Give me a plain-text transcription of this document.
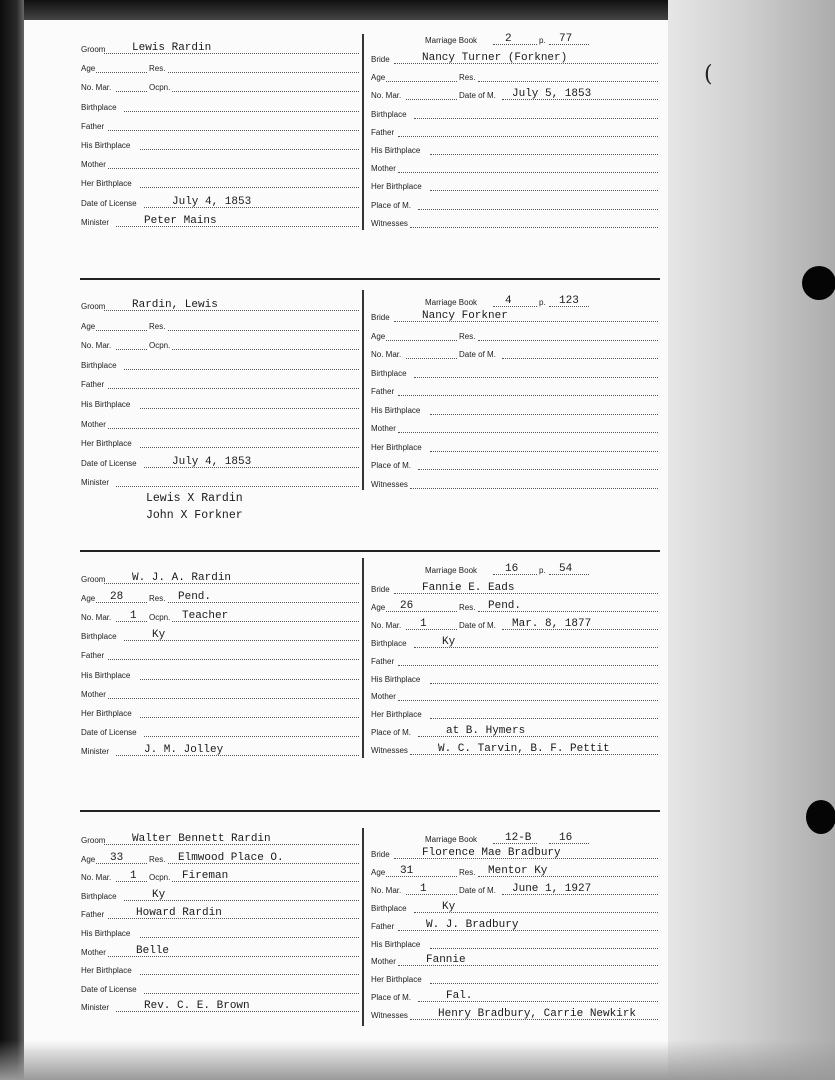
(
Marriage Book	2	p. 77
Groom Lewis Rardin
Age	Res.
No. Mar.	Ocpn.
Birthplace
Father
His Birthplace
Mother
Her Birthplace
Date of License	July 4, 1853
Minister	Peter Mains
Bride	Nancy Turner (Forkner)
Age	Res.
No. Mar.	Date of M. July 5, 1853
Birthplace
Father
His Birthplace
Mother
Her Birthplace
Place of M.
Witnesses
Marriage Book	4	p. 123
Groom Rardin, Lewis
Age	Res.
No. Mar.	Ocpn.
Birthplace
Father
His Birthplace
Mother
Her Birthplace
Date of License	July 4, 1853
Minister
Bride	Nancy Forkner
Age	Res.
No. Mar.	Date of M.
Birthplace
Father
His Birthplace
Mother
Her Birthplace
Place of M.
Witnesses
Lewis X Rardin
John X Forkner
Marriage Book	16	p. 54
Groom W. J. A. Rardin
Age 28	Res. Pend.
No. Mar. 1 Ocpn. Teacher
Birthplace	Ky
Father
His Birthplace
Mother
Her Birthplace
Date of License
Minister	J. M. Jolley
Bride	Fannie E. Eads
Age 26	Res. Pend.
No. Mar. 1	Date of M. Mar. 8, 1877
Birthplace	Ky
Father
His Birthplace
Mother
Her Birthplace
Place of M.	at B. Hymers
Witnesses	W. C. Tarvin, B. F. Pettit
Marriage Book	12-B	16
Groom Walter Bennett Rardin
Age 33	Res. Elmwood Place O.
No. Mar. 1 Ocpn. Fireman
Birthplace	Ky
Father	Howard Rardin
His Birthplace
Mother	Belle
Her Birthplace
Date of License
Minister	Rev. C. E. Brown
Bride	Florence Mae Bradbury
Age 31	Res. Mentor Ky
No. Mar. 1	Date of M. June 1, 1927
Birthplace	Ky
Father	W. J. Bradbury
His Birthplace
Mother	Fannie
Her Birthplace
Place of M.	Fal.
Witnesses	Henry Bradbury, Carrie Newkirk
